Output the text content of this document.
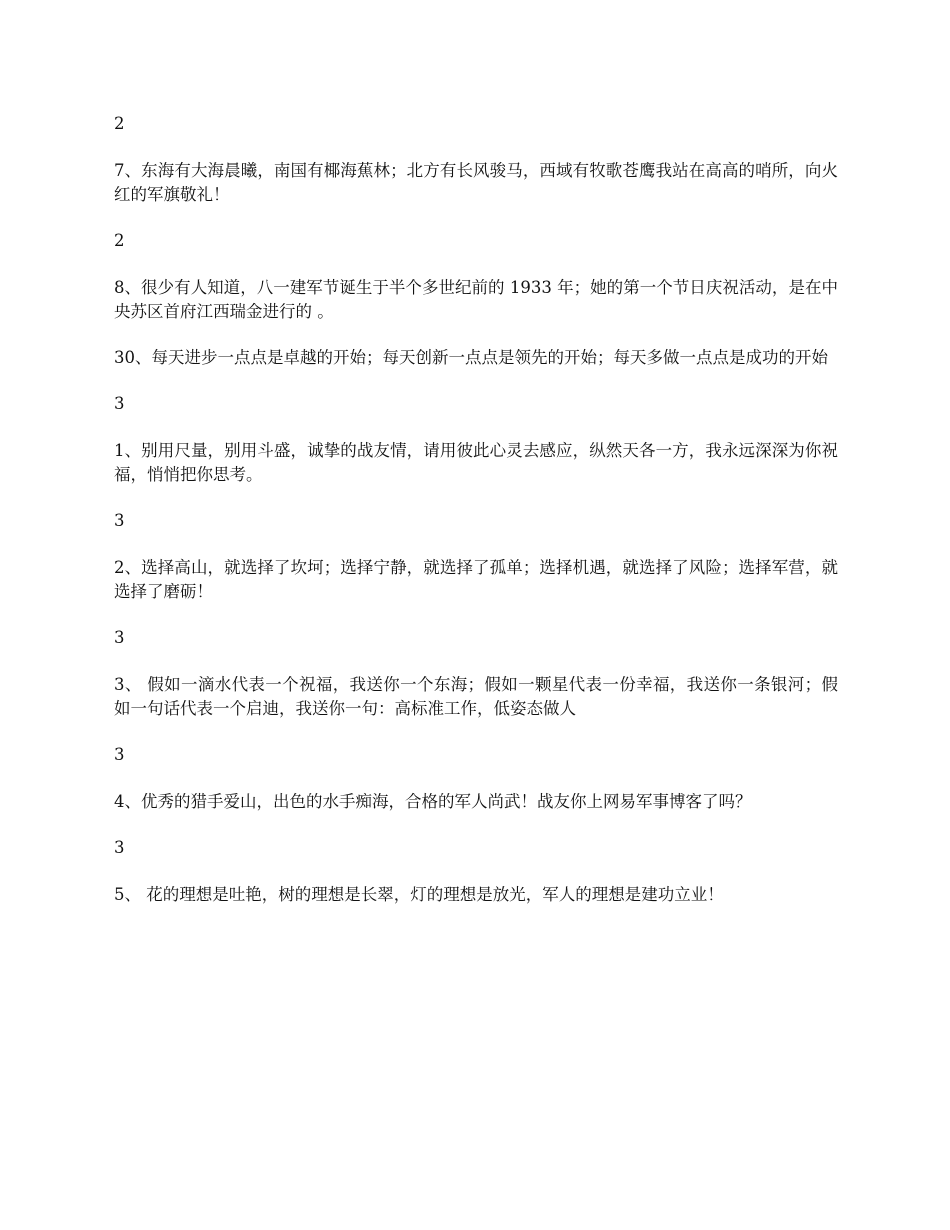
2

7、东海有大海晨曦，南国有椰海蕉林；北方有长风骏马，西域有牧歌苍鹰我站在高高的哨所，向火红的军旗敬礼！

2

8、很少有人知道，八一建军节诞生于半个多世纪前的 1933 年；她的第一个节日庆祝活动，是在中央苏区首府江西瑞金进行的 。

30、每天进步一点点是卓越的开始；每天创新一点点是领先的开始；每天多做一点点是成功的开始

3

1、别用尺量，别用斗盛，诚挚的战友情，请用彼此心灵去感应，纵然天各一方，我永远深深为你祝福，悄悄把你思考。

3

2、选择高山，就选择了坎坷；选择宁静，就选择了孤单；选择机遇，就选择了风险；选择军营，就选择了磨砺！

3

3、 假如一滴水代表一个祝福，我送你一个东海；假如一颗星代表一份幸福，我送你一条银河；假如一句话代表一个启迪，我送你一句：高标准工作，低姿态做人

3

4、优秀的猎手爱山，出色的水手痴海，合格的军人尚武！战友你上网易军事博客了吗？

3

5、 花的理想是吐艳，树的理想是长翠，灯的理想是放光，军人的理想是建功立业！
